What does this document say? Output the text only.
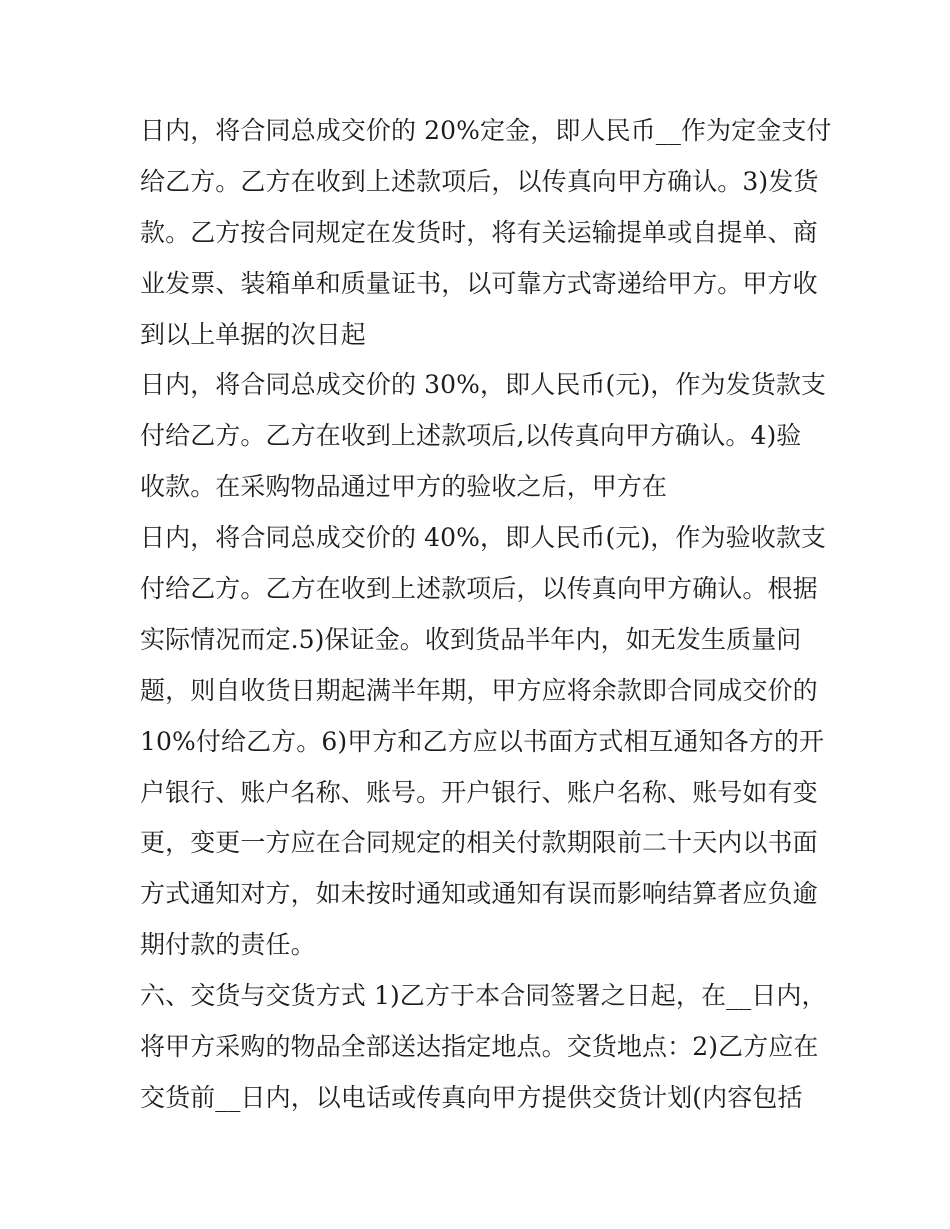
日内，将合同总成交价的 20%定金，即人民币__作为定金支付
给乙方。乙方在收到上述款项后，以传真向甲方确认。3)发货
款。乙方按合同规定在发货时，将有关运输提单或自提单、商
业发票、装箱单和质量证书，以可靠方式寄递给甲方。甲方收
到以上单据的次日起
日内，将合同总成交价的 30%，即人民币(元)，作为发货款支
付给乙方。乙方在收到上述款项后,以传真向甲方确认。4)验
收款。在采购物品通过甲方的验收之后，甲方在
日内，将合同总成交价的 40%，即人民币(元)，作为验收款支
付给乙方。乙方在收到上述款项后，以传真向甲方确认。根据
实际情况而定.5)保证金。收到货品半年内，如无发生质量问
题，则自收货日期起满半年期，甲方应将余款即合同成交价的
10%付给乙方。6)甲方和乙方应以书面方式相互通知各方的开
户银行、账户名称、账号。开户银行、账户名称、账号如有变
更，变更一方应在合同规定的相关付款期限前二十天内以书面
方式通知对方，如未按时通知或通知有误而影响结算者应负逾
期付款的责任。
六、交货与交货方式 1)乙方于本合同签署之日起，在__日内，
将甲方采购的物品全部送达指定地点。交货地点：2)乙方应在
交货前__日内，以电话或传真向甲方提供交货计划(内容包括
